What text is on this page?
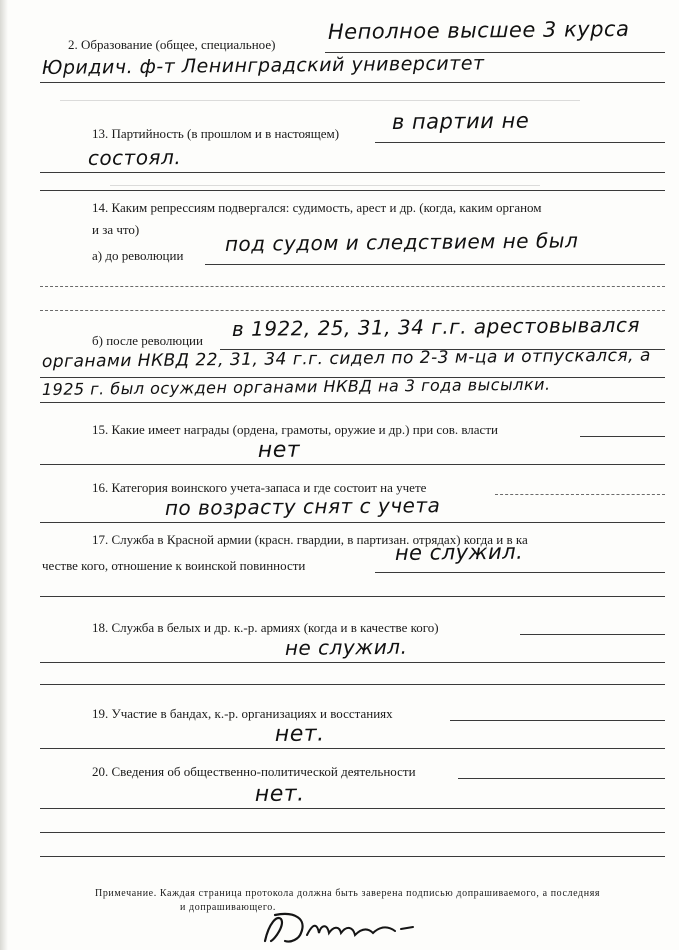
2. Образование (общее, специальное)
Неполное высшее 3 курса
Юридич. ф-т Ленинградский университет
13. Партийность (в прошлом и в настоящем)	в партии не
состоял.
14. Каким репрессиям подвергался: судимость, арест и др. (когда, каким органом
и за что)
а) до революции под судом и следствием не был
б) после революции в 1922, 25, 31, 34 г.г. арестовывался
органами НКВД 22, 31, 34 г.г. сидел по 2-3 м-ца и отпускался, а
1925 г. был осужден органами НКВД на 3 года высылки.
15. Какие имеет награды (ордена, грамоты, оружие и др.) при сов. власти
нет
16. Категория воинского учета-запаса и где состоит на учете
по возрасту снят с учета
17. Служба в Красной армии (красн. гвардии, в партизан. отрядах) когда и в ка
честве кого, отношение к воинской повинности
не служил.
18. Служба в белых и др. к.-р. армиях (когда и в качестве кого)
не служил.
19. Участие в бандах, к.-р. организациях и восстаниях
нет.
20. Сведения об общественно-политической деятельности
нет.
Примечание. Каждая страница протокола должна быть заверена подписью допрашиваемого, а последняя
и допрашивающего.
